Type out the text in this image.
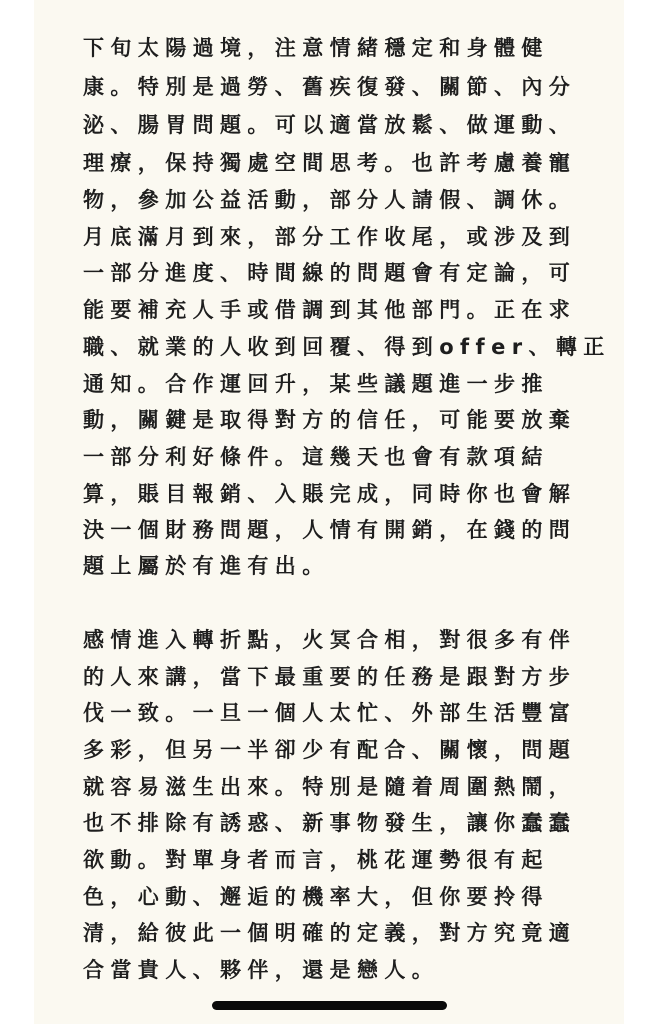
下旬太陽過境，注意情緒穩定和身體健
康。特別是過勞、舊疾復發、關節、內分
泌、腸胃問題。可以適當放鬆、做運動、
理療，保持獨處空間思考。也許考慮養寵
物，參加公益活動，部分人請假、調休。
月底滿月到來，部分工作收尾，或涉及到
一部分進度、時間線的問題會有定論，可
能要補充人手或借調到其他部門。正在求
職、就業的人收到回覆、得到offer、轉正
通知。合作運回升，某些議題進一步推
動，關鍵是取得對方的信任，可能要放棄
一部分利好條件。這幾天也會有款項結
算，賬目報銷、入賬完成，同時你也會解
決一個財務問題，人情有開銷，在錢的問
題上屬於有進有出。
感情進入轉折點，火冥合相，對很多有伴
的人來講，當下最重要的任務是跟對方步
伐一致。一旦一個人太忙、外部生活豐富
多彩，但另一半卻少有配合、關懷，問題
就容易滋生出來。特別是隨着周圍熱鬧，
也不排除有誘惑、新事物發生，讓你蠢蠢
欲動。對單身者而言，桃花運勢很有起
色，心動、邂逅的機率大，但你要拎得
清，給彼此一個明確的定義，對方究竟適
合當貴人、夥伴，還是戀人。
